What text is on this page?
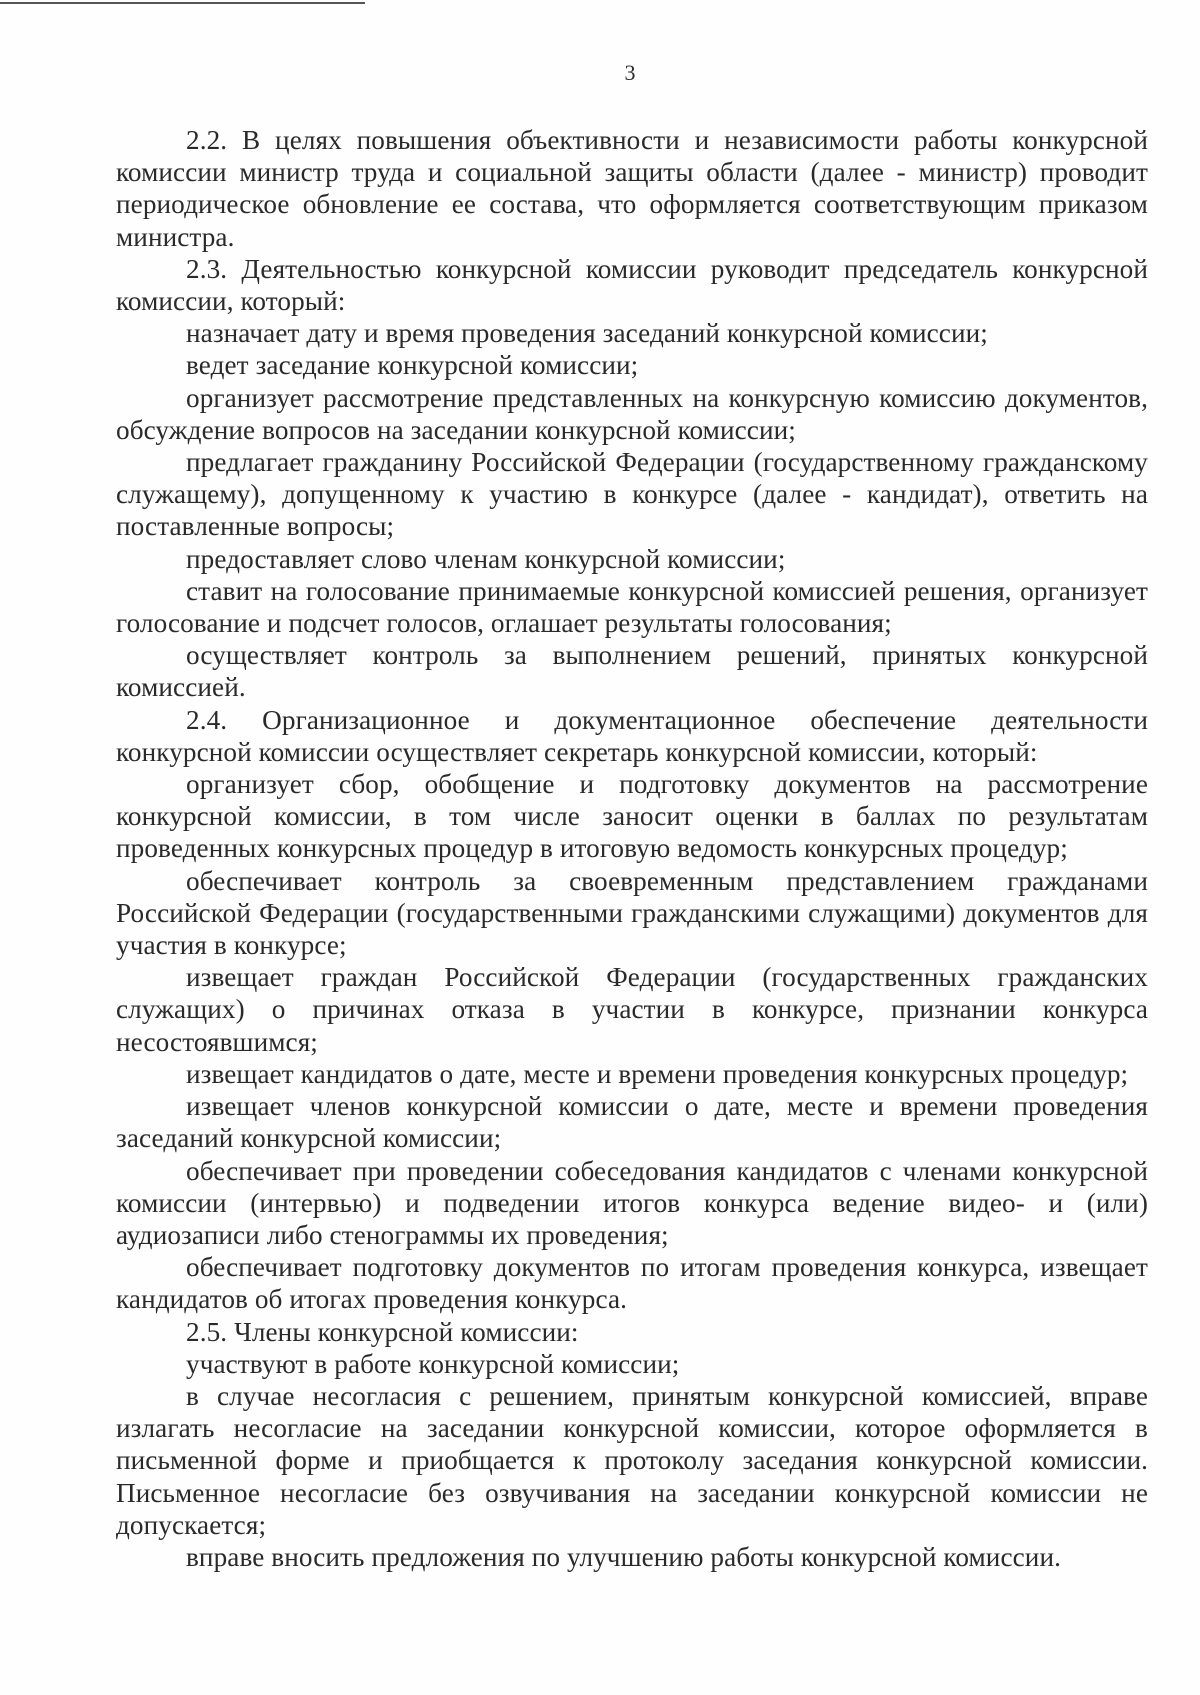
3

2.2. В целях повышения объективности и независимости работы конкурсной комиссии министр труда и социальной защиты области (далее - министр) проводит периодическое обновление ее состава, что оформляется соответствующим приказом министра.

2.3. Деятельностью конкурсной комиссии руководит председатель конкурсной комиссии, который:

назначает дату и время проведения заседаний конкурсной комиссии;

ведет заседание конкурсной комиссии;

организует рассмотрение представленных на конкурсную комиссию документов, обсуждение вопросов на заседании конкурсной комиссии;

предлагает гражданину Российской Федерации (государственному гражданскому служащему), допущенному к участию в конкурсе (далее - кандидат), ответить на поставленные вопросы;

предоставляет слово членам конкурсной комиссии;

ставит на голосование принимаемые конкурсной комиссией решения, организует голосование и подсчет голосов, оглашает результаты голосования;

осуществляет контроль за выполнением решений, принятых конкурсной комиссией.

2.4. Организационное и документационное обеспечение деятельности конкурсной комиссии осуществляет секретарь конкурсной комиссии, который:

организует сбор, обобщение и подготовку документов на рассмотрение конкурсной комиссии, в том числе заносит оценки в баллах по результатам проведенных конкурсных процедур в итоговую ведомость конкурсных процедур;

обеспечивает контроль за своевременным представлением гражданами Российской Федерации (государственными гражданскими служащими) документов для участия в конкурсе;

извещает граждан Российской Федерации (государственных гражданских служащих) о причинах отказа в участии в конкурсе, признании конкурса несостоявшимся;

извещает кандидатов о дате, месте и времени проведения конкурсных процедур;

извещает членов конкурсной комиссии о дате, месте и времени проведения заседаний конкурсной комиссии;

обеспечивает при проведении собеседования кандидатов с членами конкурсной комиссии (интервью) и подведении итогов конкурса ведение видео- и (или) аудиозаписи либо стенограммы их проведения;

обеспечивает подготовку документов по итогам проведения конкурса, извещает кандидатов об итогах проведения конкурса.

2.5. Члены конкурсной комиссии:

участвуют в работе конкурсной комиссии;

в случае несогласия с решением, принятым конкурсной комиссией, вправе излагать несогласие на заседании конкурсной комиссии, которое оформляется в письменной форме и приобщается к протоколу заседания конкурсной комиссии. Письменное несогласие без озвучивания на заседании конкурсной комиссии не допускается;

вправе вносить предложения по улучшению работы конкурсной комиссии.
